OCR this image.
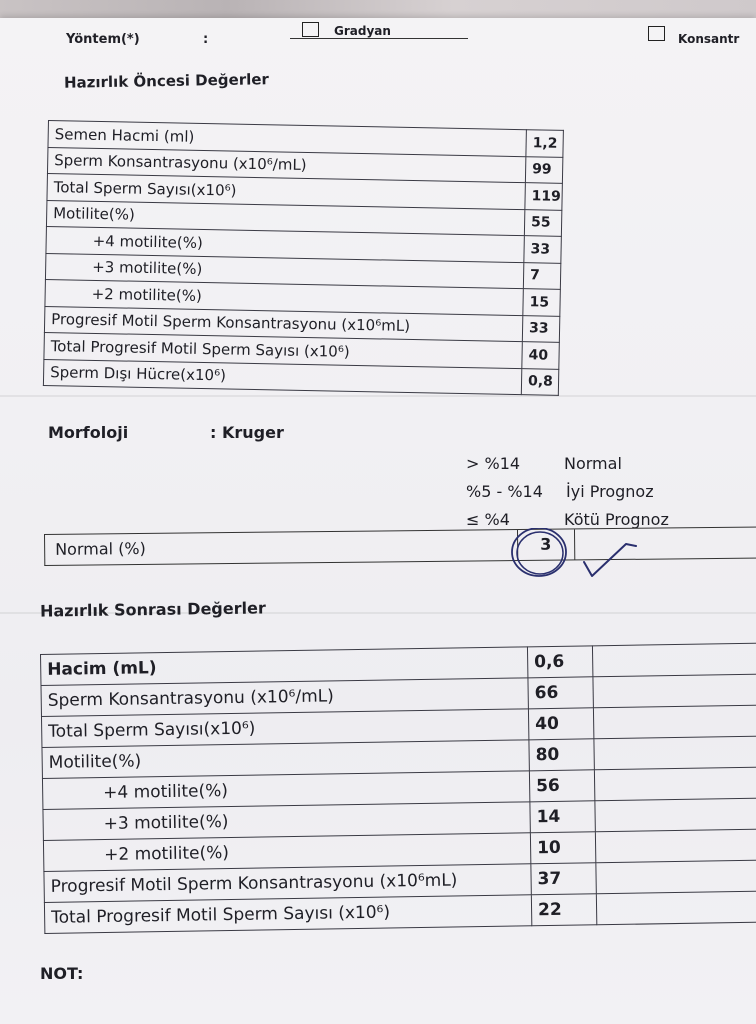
Yöntem(*)	:
Gradyan
Konsantr
Hazırlık Öncesi Değerler
Semen Hacmi (ml)	1,2
Sperm Konsantrasyonu (x10⁶/mL)	99
Total Sperm Sayısı(x10⁶)	119
Motilite(%)	55
+4 motilite(%)	33
+3 motilite(%)	7
+2 motilite(%)	15
Progresif Motil Sperm Konsantrasyonu (x10⁶mL)	33
Total Progresif Motil Sperm Sayısı (x10⁶)	40
Sperm Dışı Hücre(x10⁶)	0,8
Morfoloji	: Kruger
> %14	Normal
%5 - %14 İyi Prognoz
≤ %4	Kötü Prognoz
Normal (%)	3
Hazırlık Sonrası Değerler
Hacim (mL)	0,6	
Sperm Konsantrasyonu (x10⁶/mL)	66	
Total Sperm Sayısı(x10⁶)	40	
Motilite(%)	80	
+4 motilite(%)	56	
+3 motilite(%)	14	
+2 motilite(%)	10	
Progresif Motil Sperm Konsantrasyonu (x10⁶mL)	37	
Total Progresif Motil Sperm Sayısı (x10⁶)	22	
NOT:
